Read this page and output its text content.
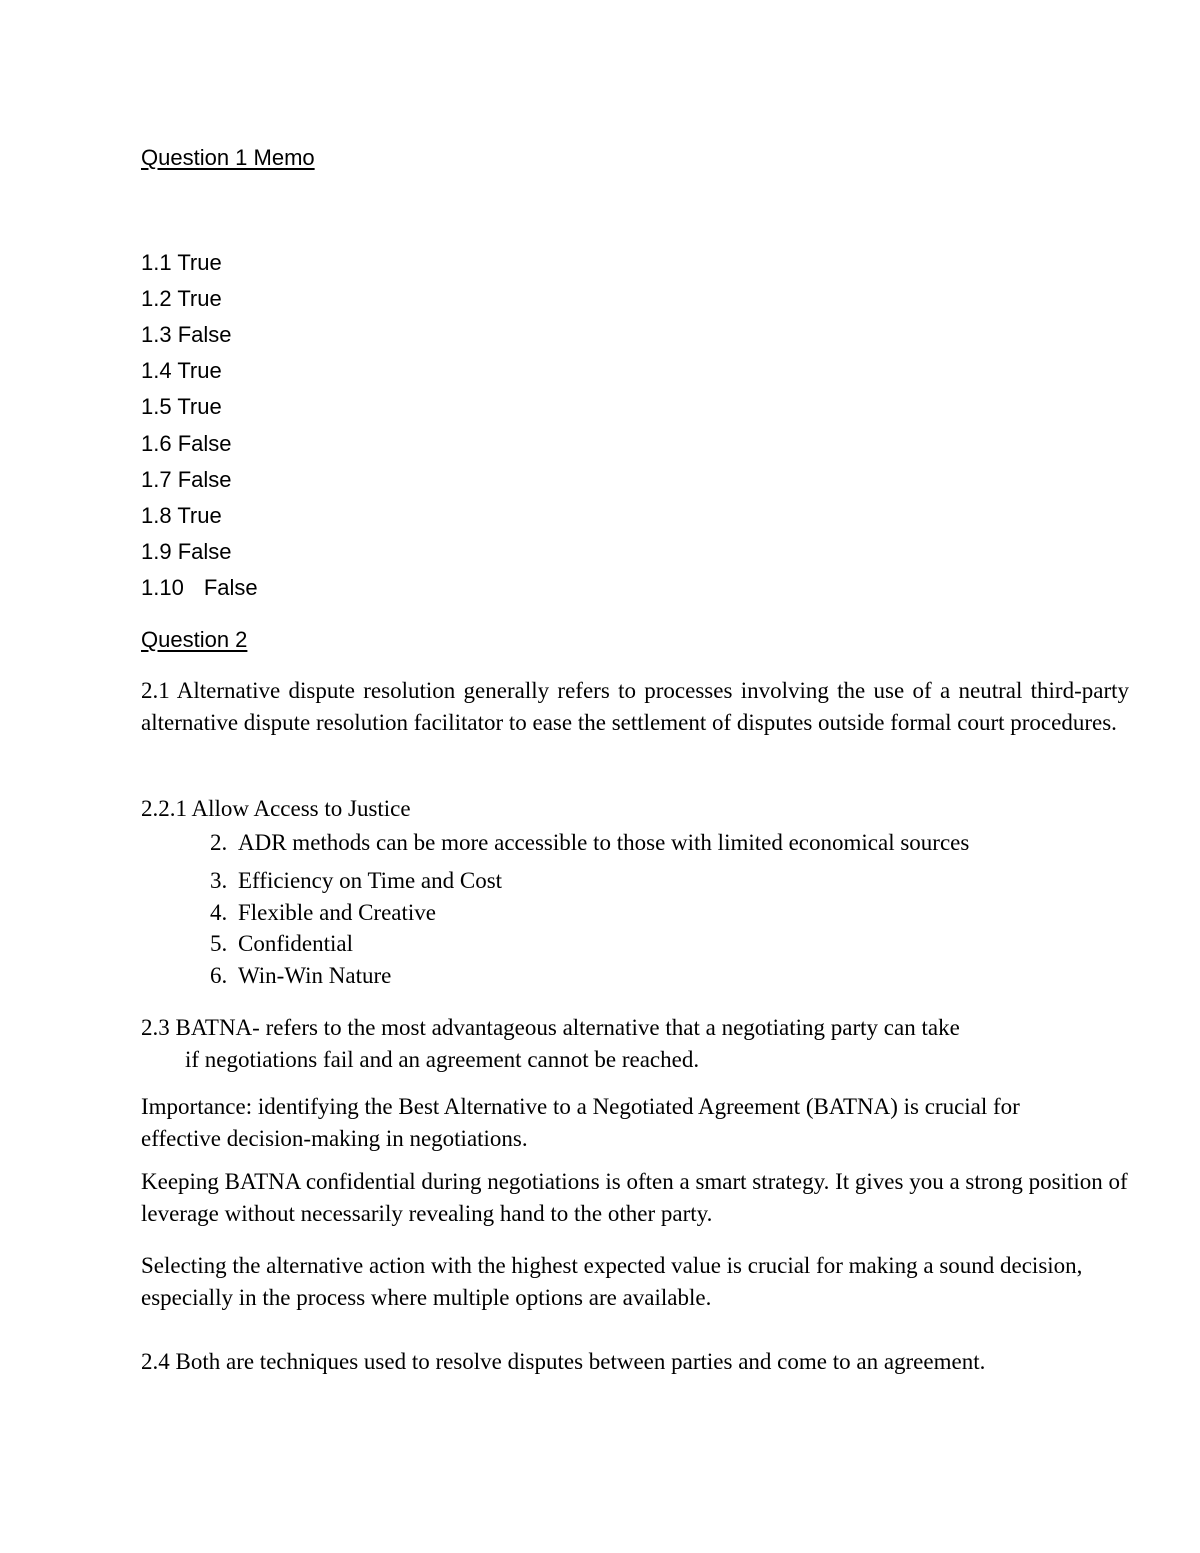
Question 1 Memo
1.1 True
1.2 True
1.3 False
1.4 True
1.5 True
1.6 False
1.7 False
1.8 True
1.9 False
1.10 False
Question 2
2.1 Alternative dispute resolution generally refers to processes involving the use of a neutral third-party alternative dispute resolution facilitator to ease the settlement of disputes outside formal court procedures.
2.2.1 Allow Access to Justice
2. ADR methods can be more accessible to those with limited economical sources
3. Efficiency on Time and Cost
4. Flexible and Creative
5. Confidential
6. Win-Win Nature
2.3 BATNA- refers to the most advantageous alternative that a negotiating party can take
if negotiations fail and an agreement cannot be reached.
Importance: identifying the Best Alternative to a Negotiated Agreement (BATNA) is crucial for effective decision-making in negotiations.
Keeping BATNA confidential during negotiations is often a smart strategy. It gives you a strong position of leverage without necessarily revealing hand to the other party.
Selecting the alternative action with the highest expected value is crucial for making a sound decision, especially in the process where multiple options are available.
2.4 Both are techniques used to resolve disputes between parties and come to an agreement.
